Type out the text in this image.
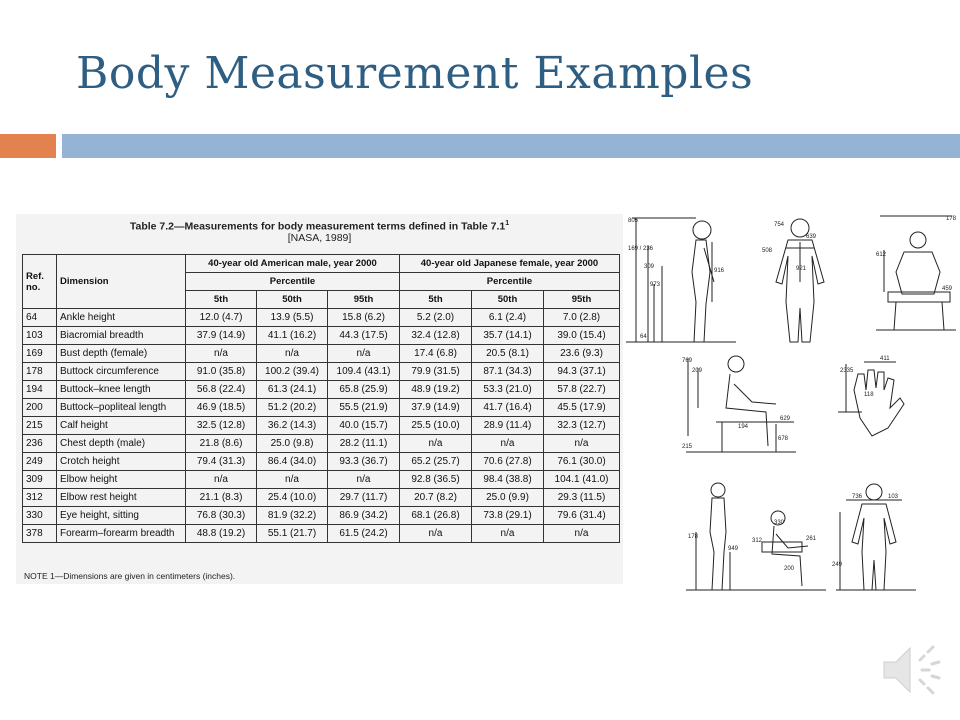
Body Measurement Examples
Table 7.2—Measurements for body measurement terms defined in Table $7.1^1$
[NASA, 1989]
Ref. no.	Dimension	40-year old American male, year 2000			40-year old Japanese female, year 2000		
		Percentile			Percentile		
		5th	50th	95th	5th	50th	95th
64	Ankle height	12.0 (4.7)	13.9 (5.5)	15.8 (6.2)	5.2 (2.0)	6.1 (2.4)	7.0 (2.8)
103	Biacromial breadth	37.9 (14.9)	41.1 (16.2)	44.3 (17.5)	32.4 (12.8)	35.7 (14.1)	39.0 (15.4)
169	Bust depth (female)	n/a	n/a	n/a	17.4 (6.8)	20.5 (8.1)	23.6 (9.3)
178	Buttock circumference	91.0 (35.8)	100.2 (39.4)	109.4 (43.1)	79.9 (31.5)	87.1 (34.3)	94.3 (37.1)
194	Buttock–knee length	56.8 (22.4)	61.3 (24.1)	65.8 (25.9)	48.9 (19.2)	53.3 (21.0)	57.8 (22.7)
200	Buttock–popliteal length	46.9 (18.5)	51.2 (20.2)	55.5 (21.9)	37.9 (14.9)	41.7 (16.4)	45.5 (17.9)
215	Calf height	32.5 (12.8)	36.2 (14.3)	40.0 (15.7)	25.5 (10.0)	28.9 (11.4)	32.3 (12.7)
236	Chest depth (male)	21.8 (8.6)	25.0 (9.8)	28.2 (11.1)	n/a	n/a	n/a
249	Crotch height	79.4 (31.3)	86.4 (34.0)	93.3 (36.7)	65.2 (25.7)	70.6 (27.8)	76.1 (30.0)
309	Elbow height	n/a	n/a	n/a	92.8 (36.5)	98.4 (38.8)	104.1 (41.0)
312	Elbow rest height	21.1 (8.3)	25.4 (10.0)	29.7 (11.7)	20.7 (8.2)	25.0 (9.9)	29.3 (11.5)
330	Eye height, sitting	76.8 (30.3)	81.9 (32.2)	86.9 (34.2)	68.1 (26.8)	73.8 (29.1)	79.6 (31.4)
378	Forearm–forearm breadth	48.8 (19.2)	55.1 (21.7)	61.5 (24.2)	n/a	n/a	n/a
NOTE 1—Dimensions are given in centimeters (inches).
805
169 / 236
309
973
916
64
754
639
508
921
178
612
459
769
209
411
2335
118
194
629
678
215
178
312
949
261
200
330
736	103
249
